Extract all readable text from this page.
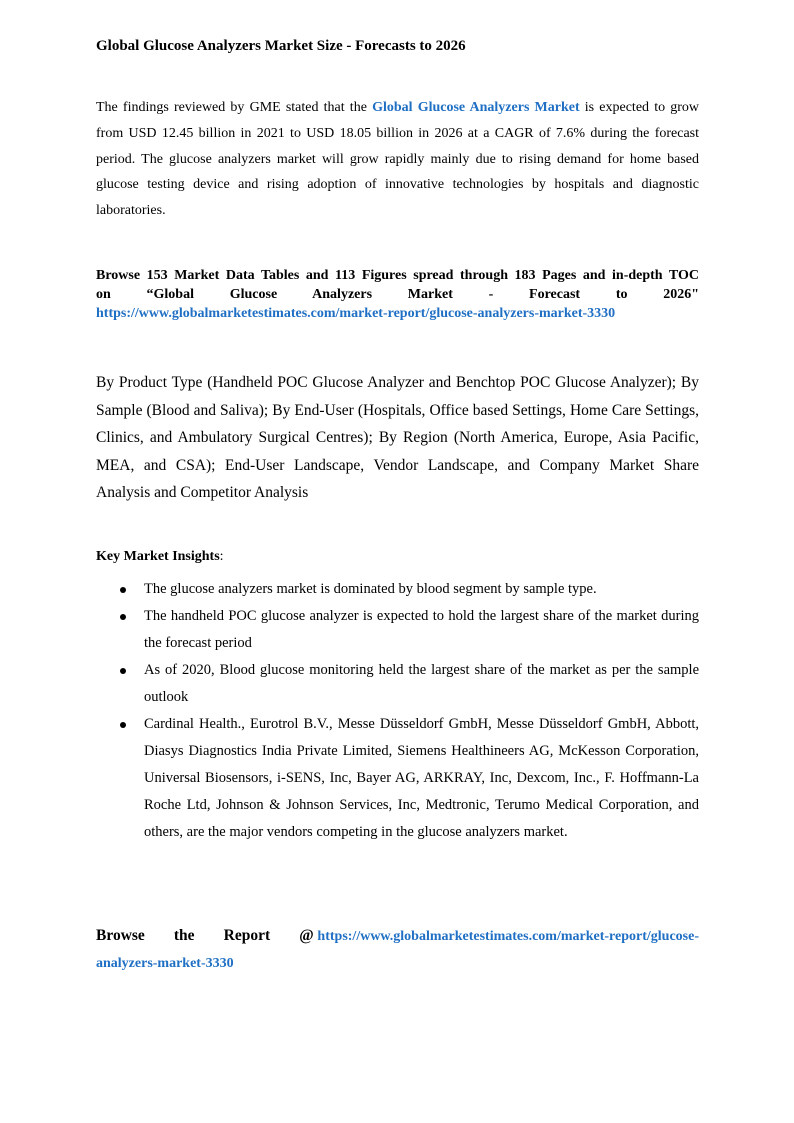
Global Glucose Analyzers Market Size - Forecasts to 2026

The findings reviewed by GME stated that the Global Glucose Analyzers Market is expected to grow from USD 12.45 billion in 2021 to USD 18.05 billion in 2026 at a CAGR of 7.6% during the forecast period. The glucose analyzers market will grow rapidly mainly due to rising demand for home based glucose testing device and rising adoption of innovative technologies by hospitals and diagnostic laboratories.

Browse 153 Market Data Tables and 113 Figures spread through 183 Pages and in-depth TOC
on	“Global	Glucose Analyzers	Market	-	Forecast	to	2026"
https://www.globalmarketestimates.com/market-report/glucose-analyzers-market-3330

By Product Type (Handheld POC Glucose Analyzer and Benchtop POC Glucose Analyzer); By Sample (Blood and Saliva); By End-User (Hospitals, Office based Settings, Home Care Settings, Clinics, and Ambulatory Surgical Centres); By Region (North America, Europe, Asia Pacific, MEA, and CSA); End-User Landscape, Vendor Landscape, and Company Market Share Analysis and Competitor Analysis

Key Market Insights:

The glucose analyzers market is dominated by blood segment by sample type.
The handheld POC glucose analyzer is expected to hold the largest share of the market during the forecast period
As of 2020, Blood glucose monitoring held the largest share of the market as per the sample outlook
Cardinal Health., Eurotrol B.V., Messe Düsseldorf GmbH, Messe Düsseldorf GmbH, Abbott, Diasys Diagnostics India Private Limited, Siemens Healthineers AG, McKesson Corporation, Universal Biosensors, i-SENS, Inc, Bayer AG, ARKRAY, Inc, Dexcom, Inc., F. Hoffmann-La Roche Ltd, Johnson & Johnson Services, Inc, Medtronic, Terumo Medical Corporation, and others, are the major vendors competing in the glucose analyzers market.
Browse the Report @
https://www.globalmarketestimates.com/market-report/glucose-
analyzers-market-3330
